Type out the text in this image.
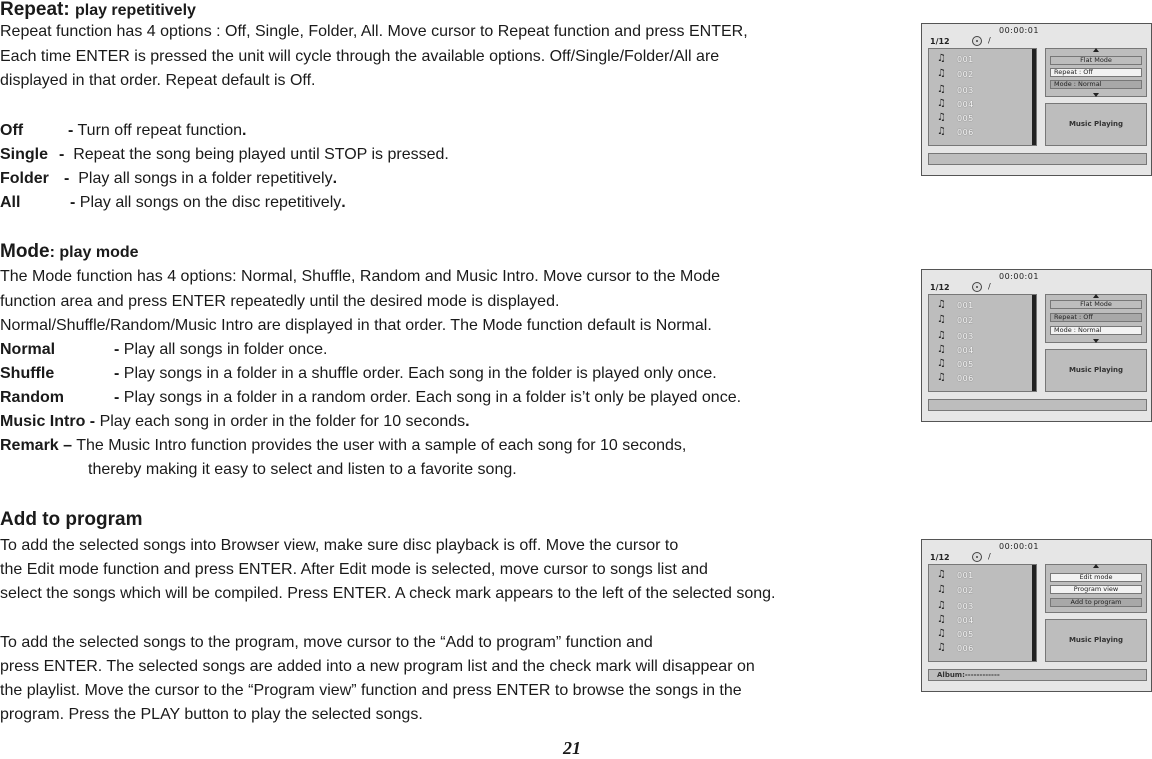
Repeat: play repetitively
Repeat function has 4 options : Off, Single, Folder, All. Move cursor to Repeat function and press ENTER,
Each time ENTER is pressed the unit will cycle through the available options. Off/Single/Folder/All are
displayed in that order. Repeat default is Off.
Off	- Turn off repeat function.
Single - Repeat the song being played until STOP is pressed.
Folder - Play all songs in a folder repetitively.
All	- Play all songs on the disc repetitively.
Mode: play mode
The Mode function has 4 options: Normal, Shuffle, Random and Music Intro. Move cursor to the Mode
function area and press ENTER repeatedly until the desired mode is displayed.
Normal/Shuffle/Random/Music Intro are displayed in that order. The Mode function default is Normal.
Normal	- Play all songs in folder once.
Shuffle	- Play songs in a folder in a shuffle order. Each song in the folder is played only once.
Random	- Play songs in a folder in a random order. Each song in a folder is’t only be played once.
Music Intro - Play each song in order in the folder for 10 seconds.
Remark – The Music Intro function provides the user with a sample of each song for 10 seconds,
thereby making it easy to select and listen to a favorite song.
Add to program
To add the selected songs into Browser view, make sure disc playback is off. Move the cursor to
the Edit mode function and press ENTER. After Edit mode is selected, move cursor to songs list and
select the songs which will be compiled. Press ENTER. A check mark appears to the left of the selected song.
To add the selected songs to the program, move cursor to the “Add to program” function and
press ENTER. The selected songs are added into a new program list and the check mark will disappear on
the playlist. Move the cursor to the “Program view” function and press ENTER to browse the songs in the
program. Press the PLAY button to play the selected songs.
21
00:00:01
1/12	/
♫ 001
♫ 002
♫ 003
♫ 004
♫ 005
♫ 006
Flat Mode
Repeat : Off
Mode : Normal
Music Playing
00:00:01
1/12	/
♫ 001
♫ 002
♫ 003
♫ 004
♫ 005
♫ 006
Flat Mode
Repeat : Off
Mode : Normal
Music Playing
00:00:01
1/12	/
♫ 001
♫ 002
♫ 003
♫ 004
♫ 005
♫ 006
Edit mode
Program view
Add to program
Music Playing
Album:------------
